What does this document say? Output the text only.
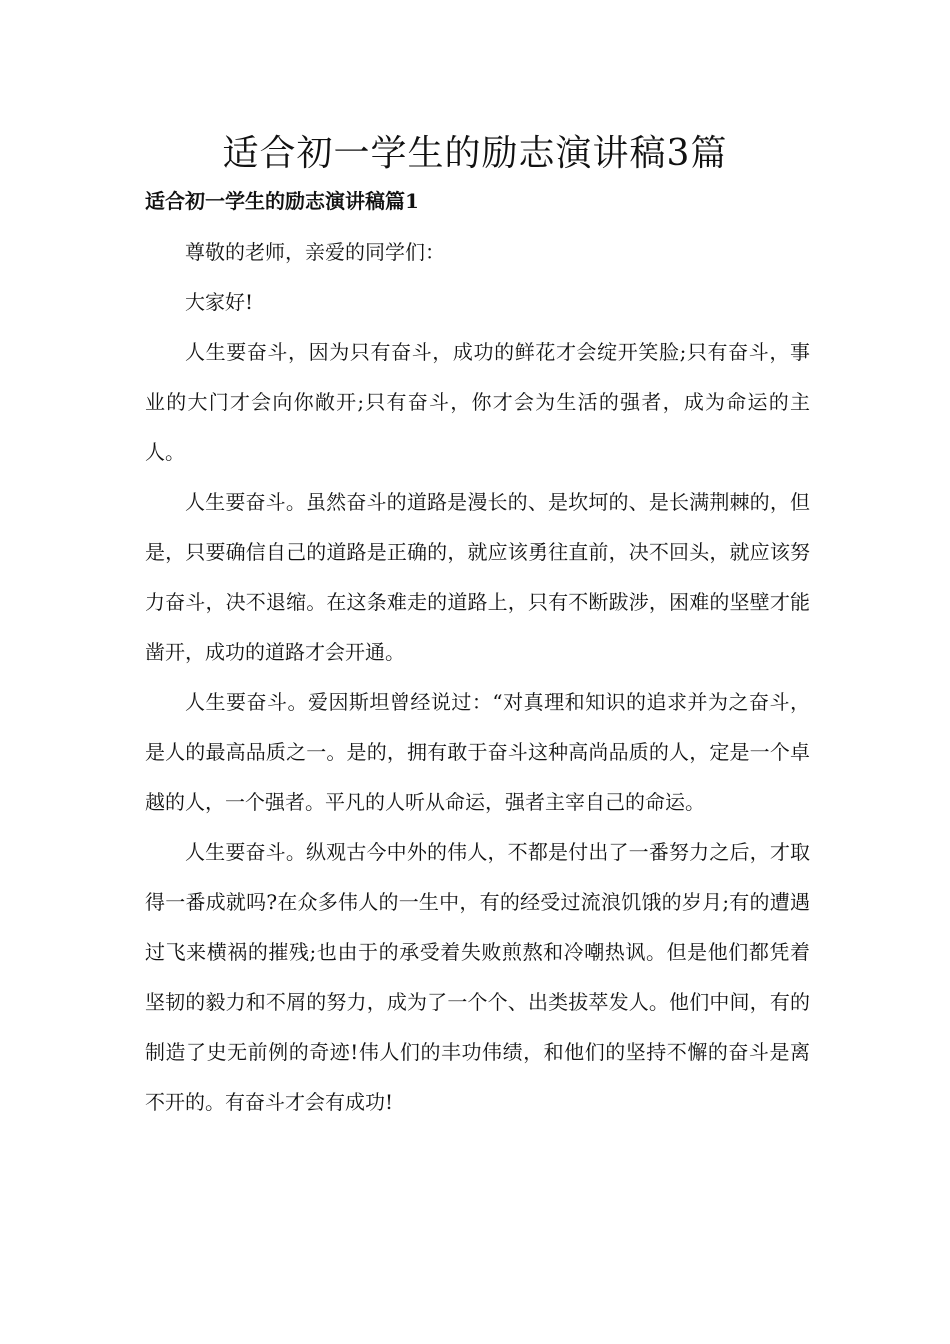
适合初一学生的励志演讲稿3篇
适合初一学生的励志演讲稿篇1

尊敬的老师，亲爱的同学们：

大家好!

人生要奋斗，因为只有奋斗，成功的鲜花才会绽开笑脸;只有奋斗，事业的大门才会向你敞开;只有奋斗，你才会为生活的强者，成为命运的主人。

人生要奋斗。虽然奋斗的道路是漫长的、是坎坷的、是长满荆棘的，但是，只要确信自己的道路是正确的，就应该勇往直前，决不回头，就应该努力奋斗，决不退缩。在这条难走的道路上，只有不断跋涉，困难的坚壁才能凿开，成功的道路才会开通。

人生要奋斗。爱因斯坦曾经说过：“对真理和知识的追求并为之奋斗，是人的最高品质之一。是的，拥有敢于奋斗这种高尚品质的人，定是一个卓越的人，一个强者。平凡的人听从命运，强者主宰自己的命运。

人生要奋斗。纵观古今中外的伟人，不都是付出了一番努力之后，才取得一番成就吗?在众多伟人的一生中，有的经受过流浪饥饿的岁月;有的遭遇过飞来横祸的摧残;也由于的承受着失败煎熬和冷嘲热讽。但是他们都凭着坚韧的毅力和不屑的努力，成为了一个个、出类拔萃发人。他们中间，有的制造了史无前例的奇迹!伟人们的丰功伟绩，和他们的坚持不懈的奋斗是离不开的。有奋斗才会有成功!
